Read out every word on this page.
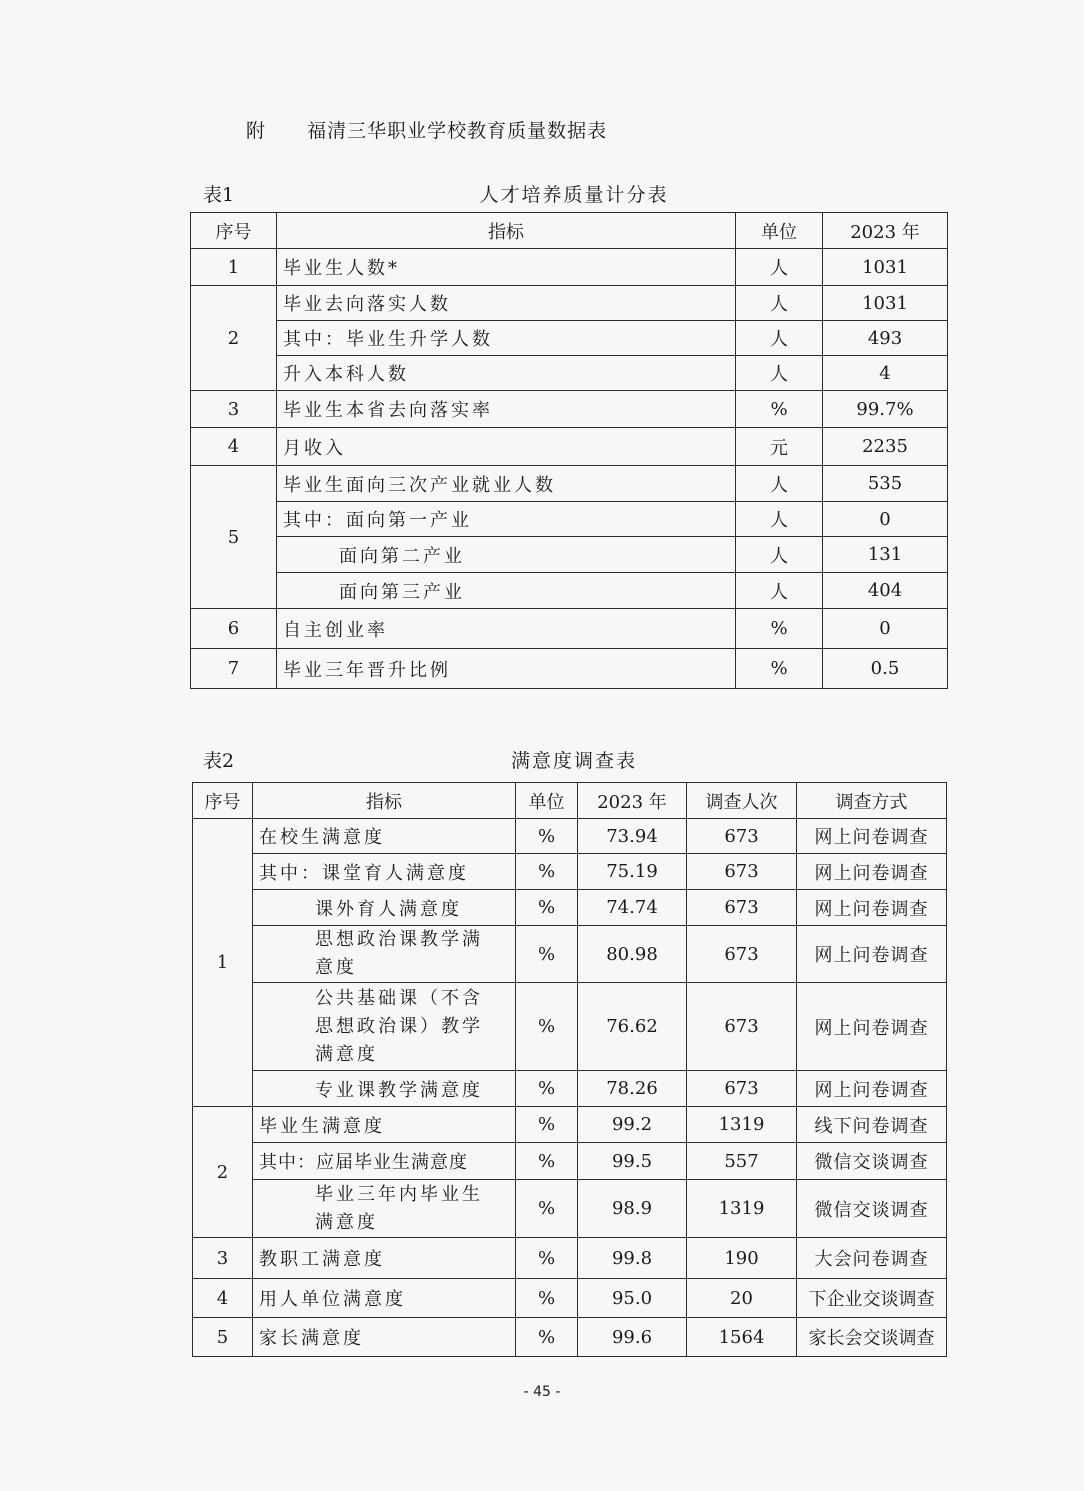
附 福清三华职业学校教育质量数据表
表1	人才培养质量计分表
序号	指标	单位	2023 年
1	毕业生人数*	人	1031
2	毕业去向落实人数	人	1031
	其中：毕业生升学人数	人	493
	升入本科人数	人	4
3	毕业生本省去向落实率	%	99.7%
4	月收入	元	2235
5	毕业生面向三次产业就业人数	人	535
	其中：面向第一产业	人	0
	面向第二产业	人	131
	面向第三产业	人	404
6	自主创业率	%	0
7	毕业三年晋升比例	%	0.5
表2	满意度调查表
序号	指标	单位	2023 年	调查人次	调查方式
1	在校生满意度	%	73.94	673	网上问卷调查
	其中：课堂育人满意度	%	75.19	673	网上问卷调查
	课外育人满意度	%	74.74	673	网上问卷调查
	思想政治课教学满 意度	%	80.98	673	网上问卷调查
	公共基础课（不含 思想政治课）教学 满意度	%	76.62	673	网上问卷调查
	专业课教学满意度	%	78.26	673	网上问卷调查
2	毕业生满意度	%	99.2	1319	线下问卷调查
	其中：应届毕业生满意度	%	99.5	557	微信交谈调查
	毕业三年内毕业生 满意度	%	98.9	1319	微信交谈调查
3	教职工满意度	%	99.8	190	大会问卷调查
4	用人单位满意度	%	95.0	20	下企业交谈调查
5	家长满意度	%	99.6	1564	家长会交谈调查
- 45 -
